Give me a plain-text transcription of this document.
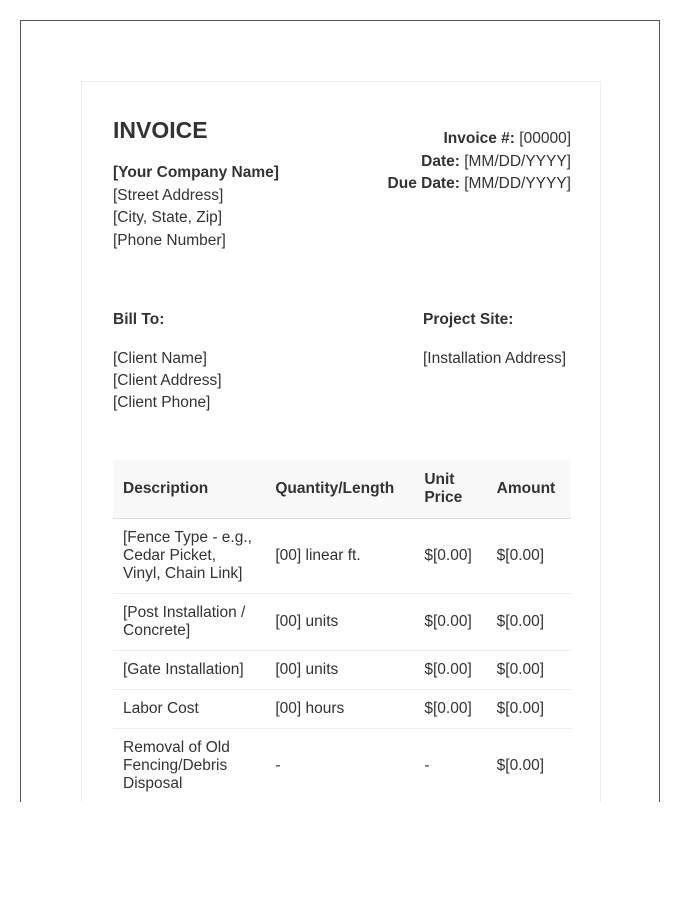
INVOICE
[Your Company Name]
[Street Address]
[City, State, Zip]
[Phone Number]
Invoice #: [00000]
Date: [MM/DD/YYYY]
Due Date: [MM/DD/YYYY]
Bill To:
[Client Name]
[Client Address]
[Client Phone]
Project Site:
[Installation Address]
Description	Quantity/Length	Unit Price	Amount
[Fence Type - e.g., Cedar Picket, Vinyl, Chain Link]	[00] linear ft.	$[0.00]	$[0.00]
[Post Installation / Concrete]	[00] units	$[0.00]	$[0.00]
[Gate Installation]	[00] units	$[0.00]	$[0.00]
Labor Cost	[00] hours	$[0.00]	$[0.00]
Removal of Old Fencing/Debris Disposal	-	-	$[0.00]
